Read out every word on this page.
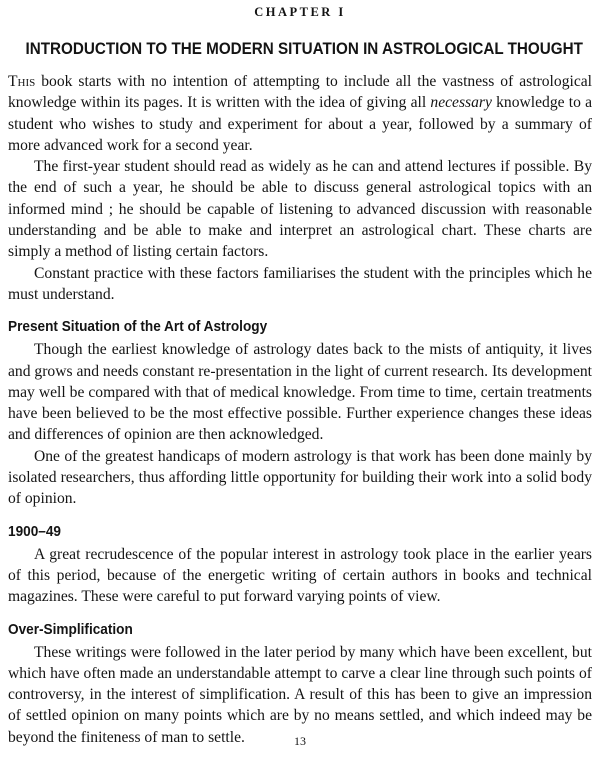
CHAPTER I
INTRODUCTION TO THE MODERN SITUATION IN ASTROLOGICAL THOUGHT

This book starts with no intention of attempting to include all the vastness of astrological knowledge within its pages. It is written with the idea of giving all necessary knowledge to a student who wishes to study and experiment for about a year, followed by a summary of more advanced work for a second year.

The first-year student should read as widely as he can and attend lectures if possible. By the end of such a year, he should be able to discuss general astrological topics with an informed mind ; he should be capable of listening to advanced discussion with reasonable understanding and be able to make and interpret an astrological chart. These charts are simply a method of listing certain factors.

Constant practice with these factors familiarises the student with the principles which he must understand.

Present Situation of the Art of Astrology

Though the earliest knowledge of astrology dates back to the mists of antiquity, it lives and grows and needs constant re-presentation in the light of current research. Its development may well be compared with that of medical knowledge. From time to time, certain treatments have been believed to be the most effective possible. Further experience changes these ideas and differences of opinion are then acknowledged.

One of the greatest handicaps of modern astrology is that work has been done mainly by isolated researchers, thus affording little opportunity for building their work into a solid body of opinion.

1900–49

A great recrudescence of the popular interest in astrology took place in the earlier years of this period, because of the energetic writing of certain authors in books and technical magazines. These were careful to put forward varying points of view.

Over-Simplification

These writings were followed in the later period by many which have been excellent, but which have often made an understandable attempt to carve a clear line through such points of controversy, in the interest of simplification. A result of this has been to give an impression of settled opinion on many points which are by no means settled, and which indeed may be beyond the finiteness of man to settle.	13
